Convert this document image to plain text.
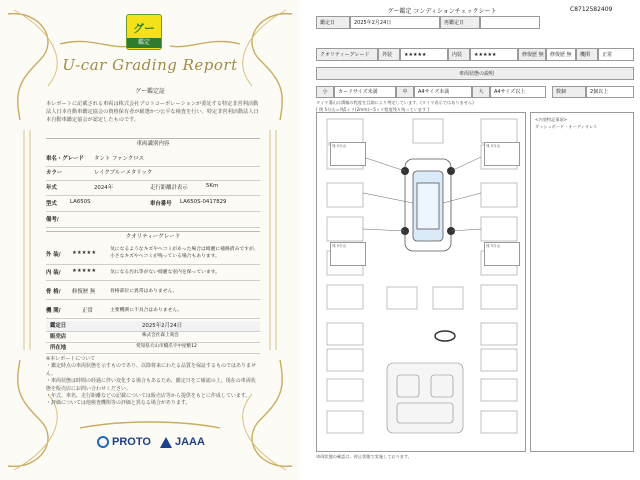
グー
鑑定
U-car Grading Report
グー鑑定証
本レポートに記載される車両は株式会社プロトコーポレーションが委託する特定非営利活動法人日本自動車鑑定協会の資格保有者が厳選かつ公平な検査を行い、特定非営利活動法人日本自動車鑑定協会が認定したものです。
車両識別内容
車名・グレード タント ファンクロス
カラー	レイクブルーメタリック
年式	2024年	走行距離計表示	5Km
型式 LA650S	車台番号 LA650S-0417829
備考/
クオリティーグレード
外 装/ ★★★★★
気になるようなキズやヘコミがあった場合は綺麗に補修済みですが、小さなキズやヘコミが残っている場合もあります。
内 装/ ★★★★★	気になる汚れ等がない綺麗な室内を保っています。
骨 格/ 修復歴 無	骨格部位に異常はありません。
機 関/	正常	主要機関に不具合はありません。
鑑定日	2025年2月24日
販売店	株式会社森上商会
所在地	愛知県犬山市橋爪字中屋敷12
※本レポートについて
・鑑定時点の車両状態を示すものであり、以降将来にわたる品質を保証するものではありません。
・車両状態は時間の経過に伴い変化する場合もあるため、鑑定日をご確認の上、現在の車両状態を販売店にお問い合わせください。
・年式、車名、走行距離などの記載については販売店等から提供をもとに作成しています。
・評価については他検査機関等の評価と異なる場合があります。
PROTO JAAA
グー鑑定 コンディションチェックシート	C8712582409
鑑定日	2025年2月24日	再鑑定日
クオリティーグレード	外装	★★★★★	内装	★★★★★	修復歴 無	修復歴 無	機関	正常
車両状態の説明
小	カードサイズ未満	中	A4サイズ未満	大	A4サイズ以上	数個	2個以上
タイヤ溝山は溝幅の程度を目測により判定しています。(タイヤ表示ではありません)
[ 例 5分山＝残5ミリ(2mm)ー5ミリ程度残り残っています ]
残 5分山
残 5分山
残 5分山
残 5分山
<内装特記事項>
ダッシュボード・オーディオレス
車両状態の確認は、停止状態で実施しております。
